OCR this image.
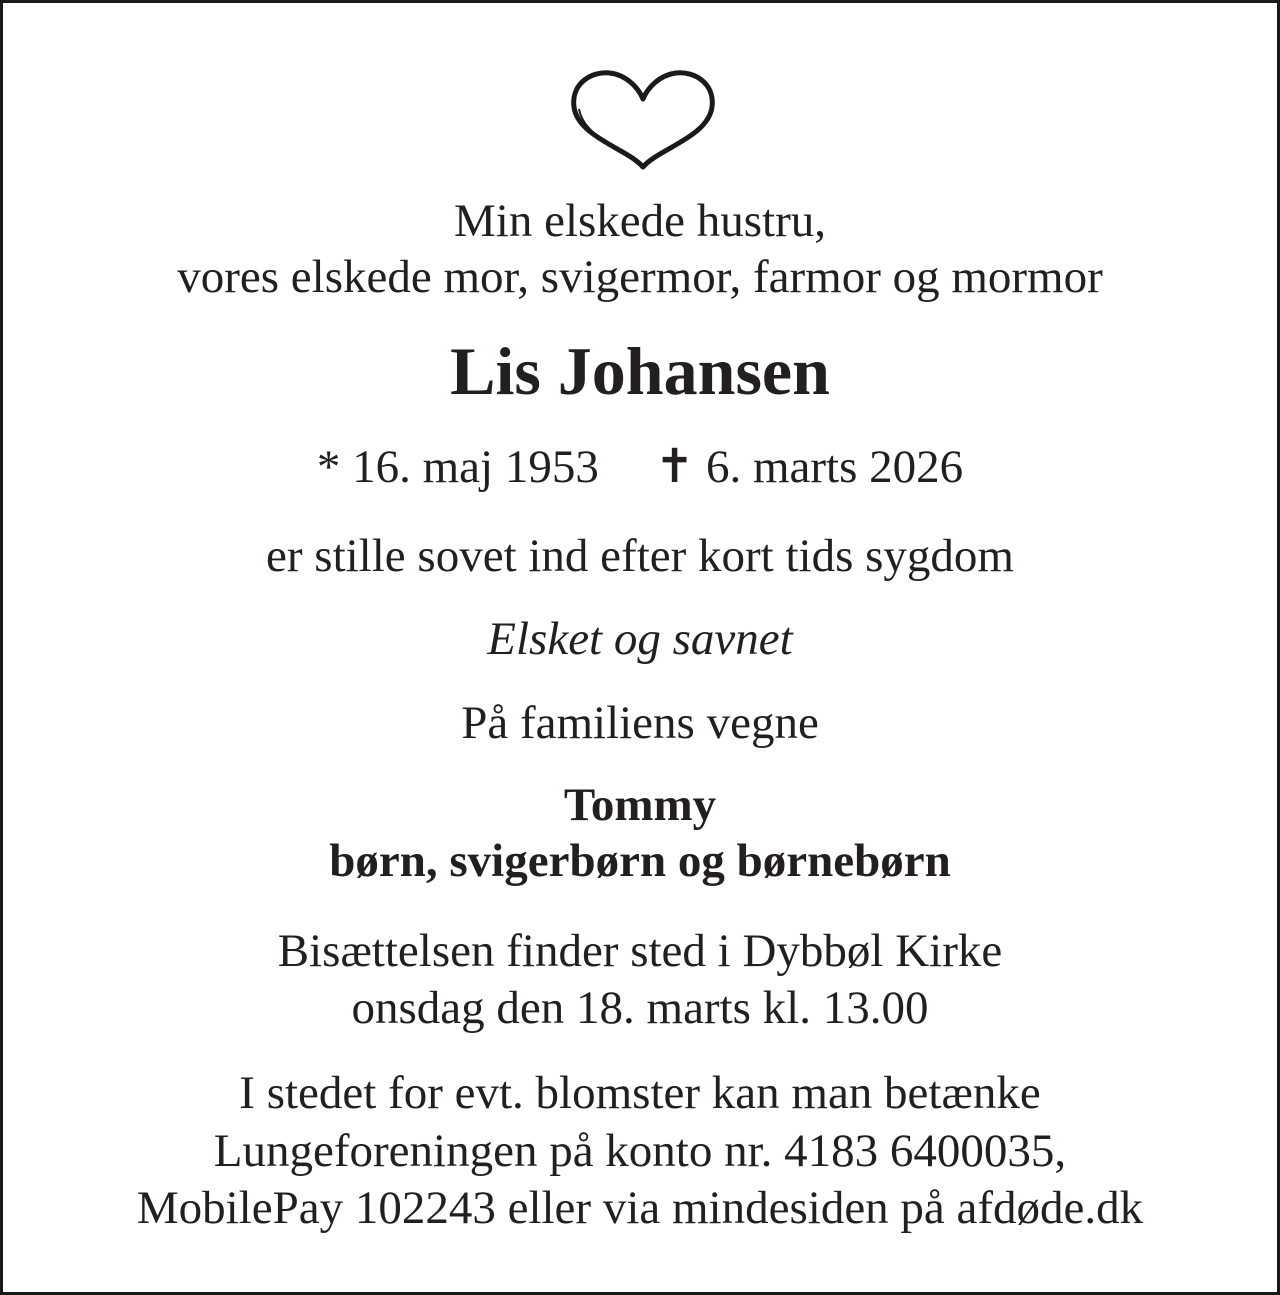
Min elskede hustru,
vores elskede mor, svigermor, farmor og mormor
Lis Johansen
* 16. maj 1953 ✝ 6. marts 2026
er stille sovet ind efter kort tids sygdom
Elsket og savnet
På familiens vegne
Tommy
børn, svigerbørn og børnebørn
Bisættelsen finder sted i Dybbøl Kirke
onsdag den 18. marts kl. 13.00
I stedet for evt. blomster kan man betænke
Lungeforeningen på konto nr. 4183 6400035,
MobilePay 102243 eller via mindesiden på afdøde.dk
